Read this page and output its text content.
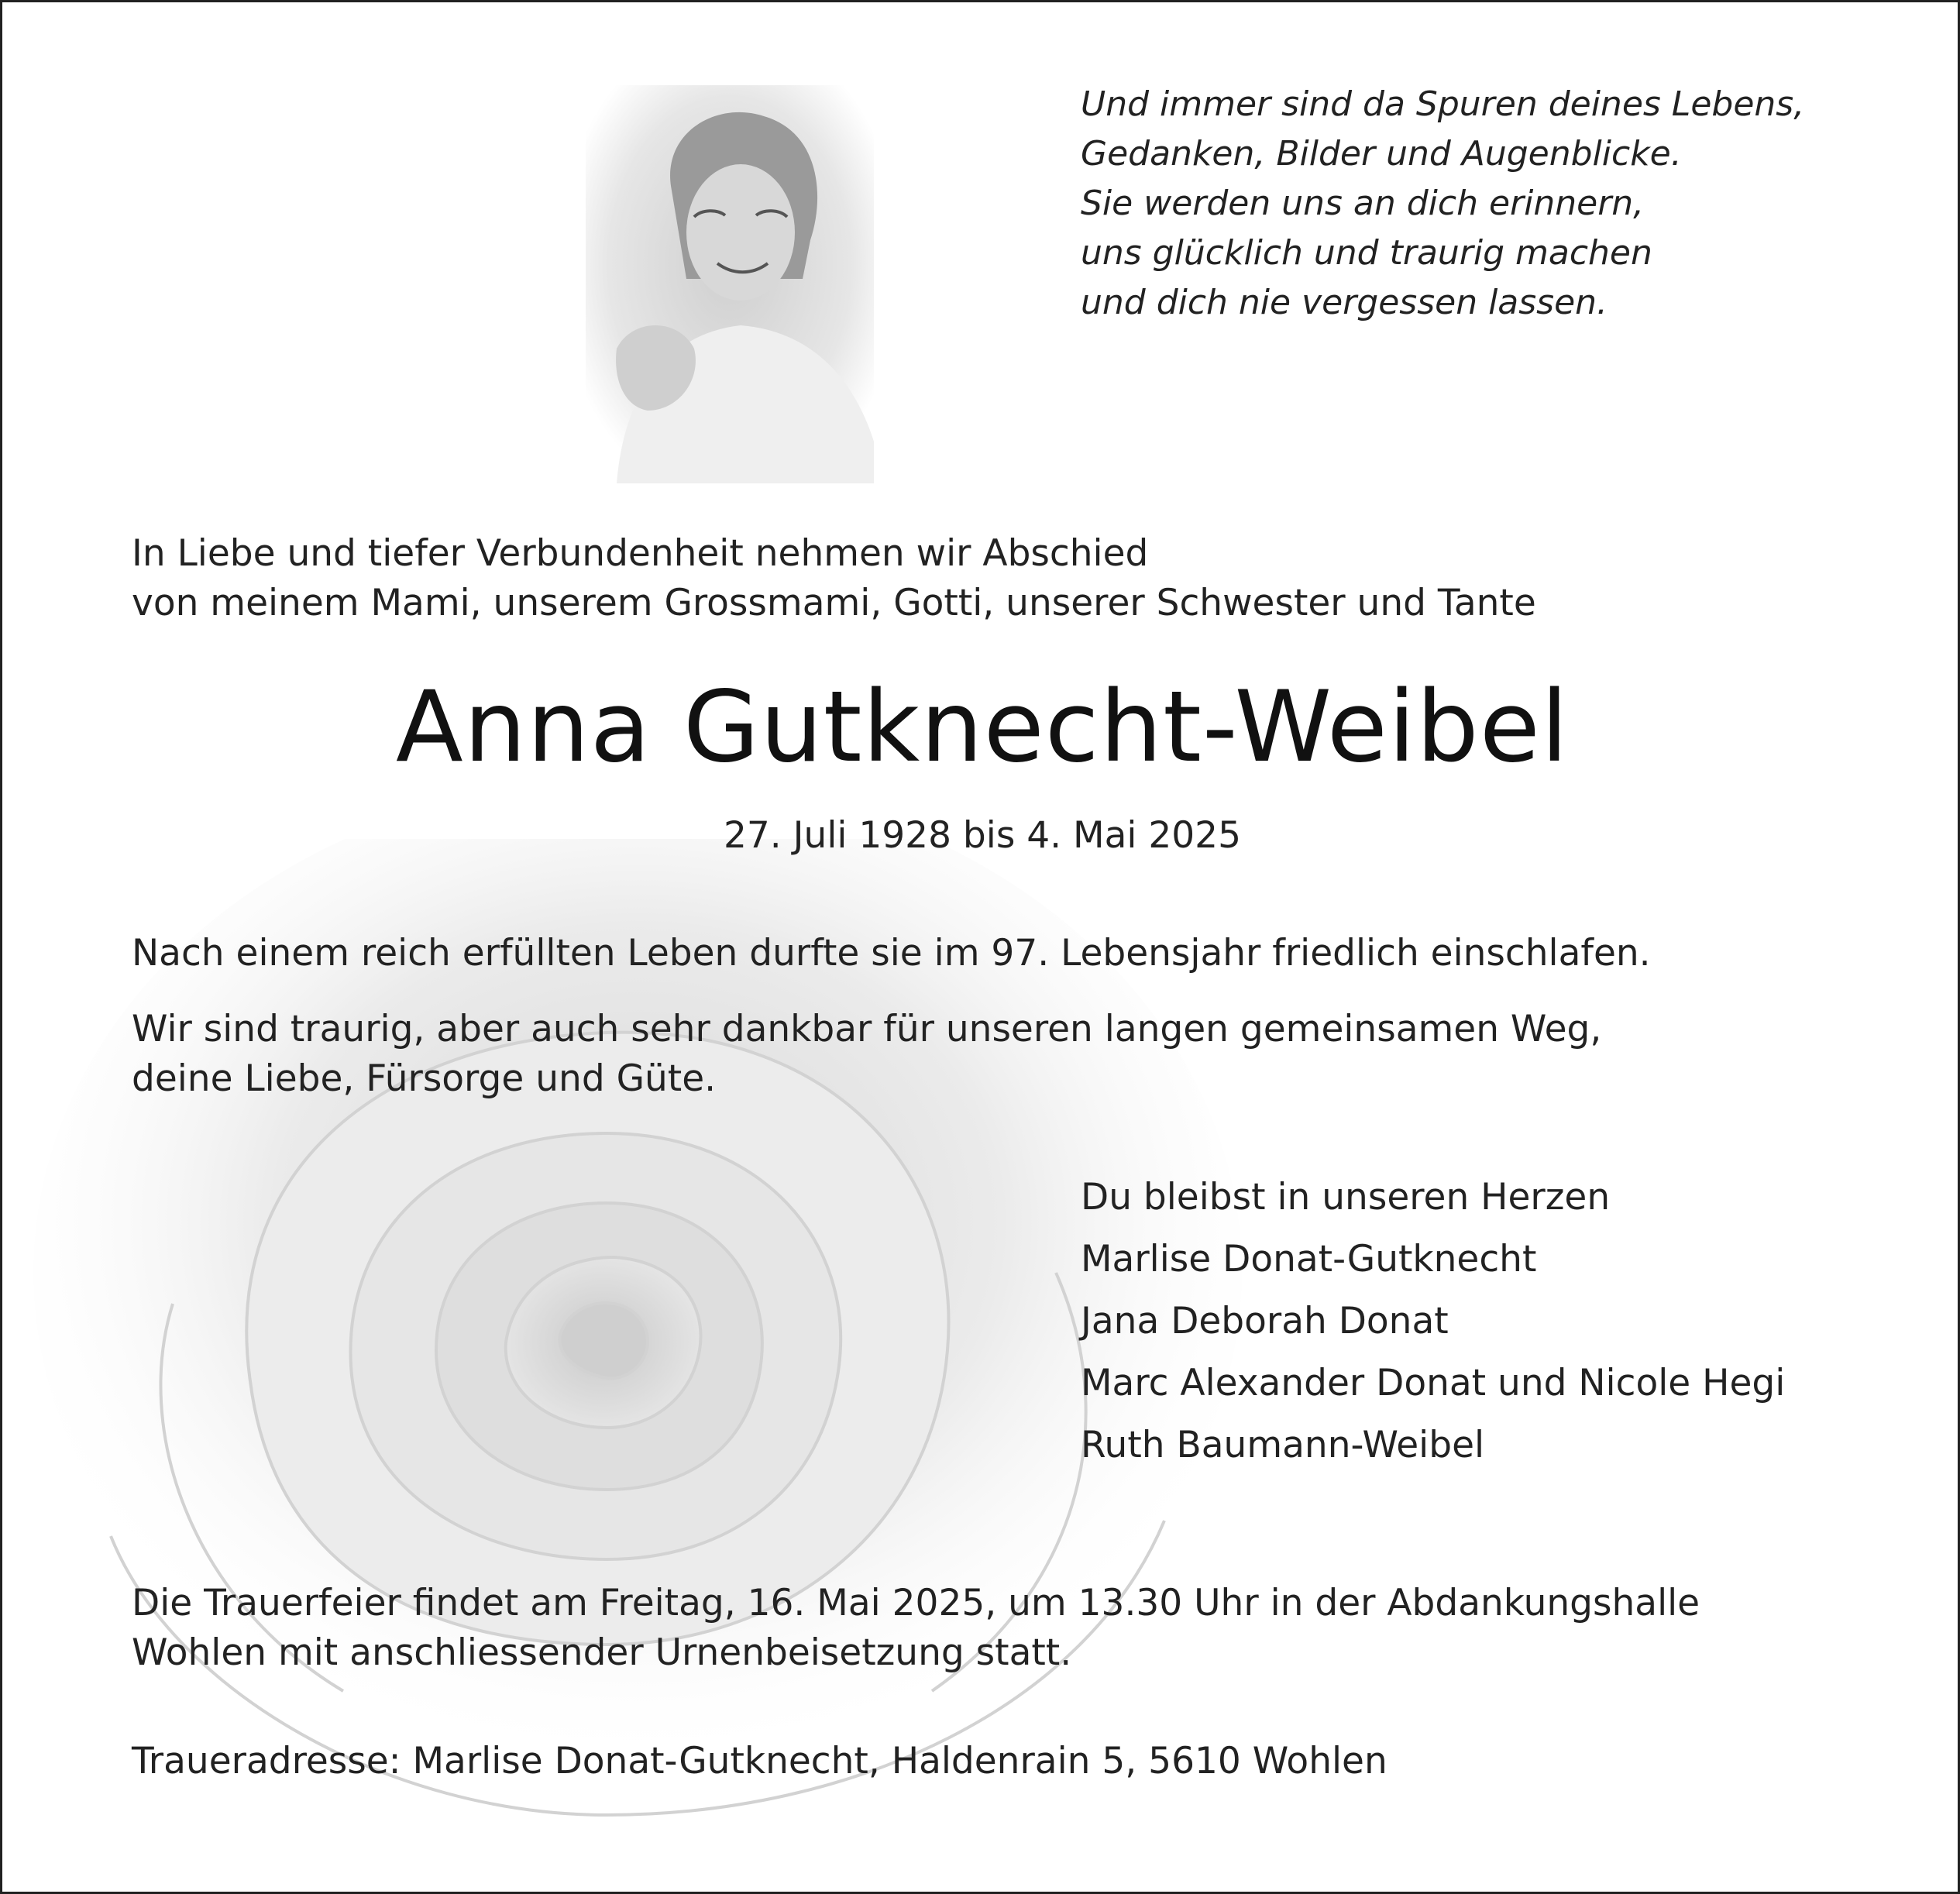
Und immer sind da Spuren deines Lebens,
Gedanken, Bilder und Augenblicke.
Sie werden uns an dich erinnern,
uns glücklich und traurig machen
und dich nie vergessen lassen.
In Liebe und tiefer Verbundenheit nehmen wir Abschied
von meinem Mami, unserem Grossmami, Gotti, unserer Schwester und Tante
Anna Gutknecht-Weibel
27. Juli 1928 bis 4. Mai 2025
Nach einem reich erfüllten Leben durfte sie im 97. Lebensjahr friedlich einschlafen.
Wir sind traurig, aber auch sehr dankbar für unseren langen gemeinsamen Weg,
deine Liebe, Fürsorge und Güte.
Du bleibst in unseren Herzen
Marlise Donat-Gutknecht
Jana Deborah Donat
Marc Alexander Donat und Nicole Hegi
Ruth Baumann-Weibel
Die Trauerfeier findet am Freitag, 16. Mai 2025, um 13.30 Uhr in der Abdankungshalle
Wohlen mit anschliessender Urnenbeisetzung statt.
Traueradresse: Marlise Donat-Gutknecht, Haldenrain 5, 5610 Wohlen
